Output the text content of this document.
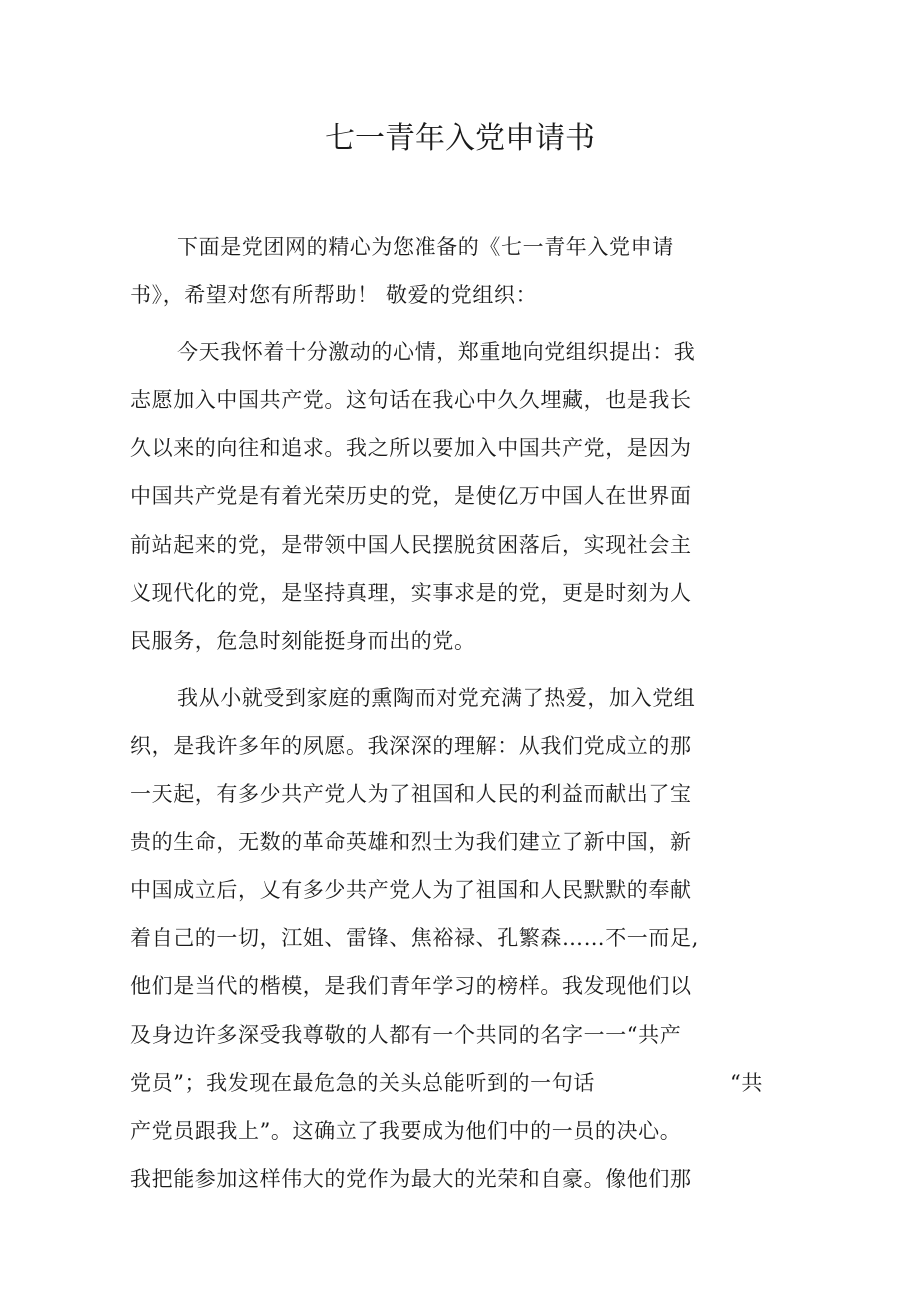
七一青年入党申请书
下面是党团网的精心为您准备的《七一青年入党申请
书》，希望对您有所帮助！ 敬爱的党组织：
今天我怀着十分激动的心情，郑重地向党组织提出：我
志愿加入中国共产党。这句话在我心中久久埋藏，也是我长
久以来的向往和追求。我之所以要加入中国共产党，是因为
中国共产党是有着光荣历史的党，是使亿万中国人在世界面
前站起来的党，是带领中国人民摆脱贫困落后，实现社会主
义现代化的党，是坚持真理，实事求是的党，更是时刻为人
民服务，危急时刻能挺身而出的党。
我从小就受到家庭的熏陶而对党充满了热爱，加入党组
织，是我许多年的夙愿。我深深的理解：从我们党成立的那
一天起，有多少共产党人为了祖国和人民的利益而献出了宝
贵的生命，无数的革命英雄和烈士为我们建立了新中国，新
中国成立后，乂有多少共产党人为了祖国和人民默默的奉献
着自己的一切，江姐、雷锋、焦裕禄、孔繁森……不一而足,
他们是当代的楷模，是我们青年学习的榜样。我发现他们以
及身边许多深受我尊敬的人都有一个共同的名字一一“共产
党员”；我发现在最危急的关头总能听到的一句话	“共
产党员跟我上”。这确立了我要成为他们中的一员的决心。
我把能参加这样伟大的党作为最大的光荣和自豪。像他们那
